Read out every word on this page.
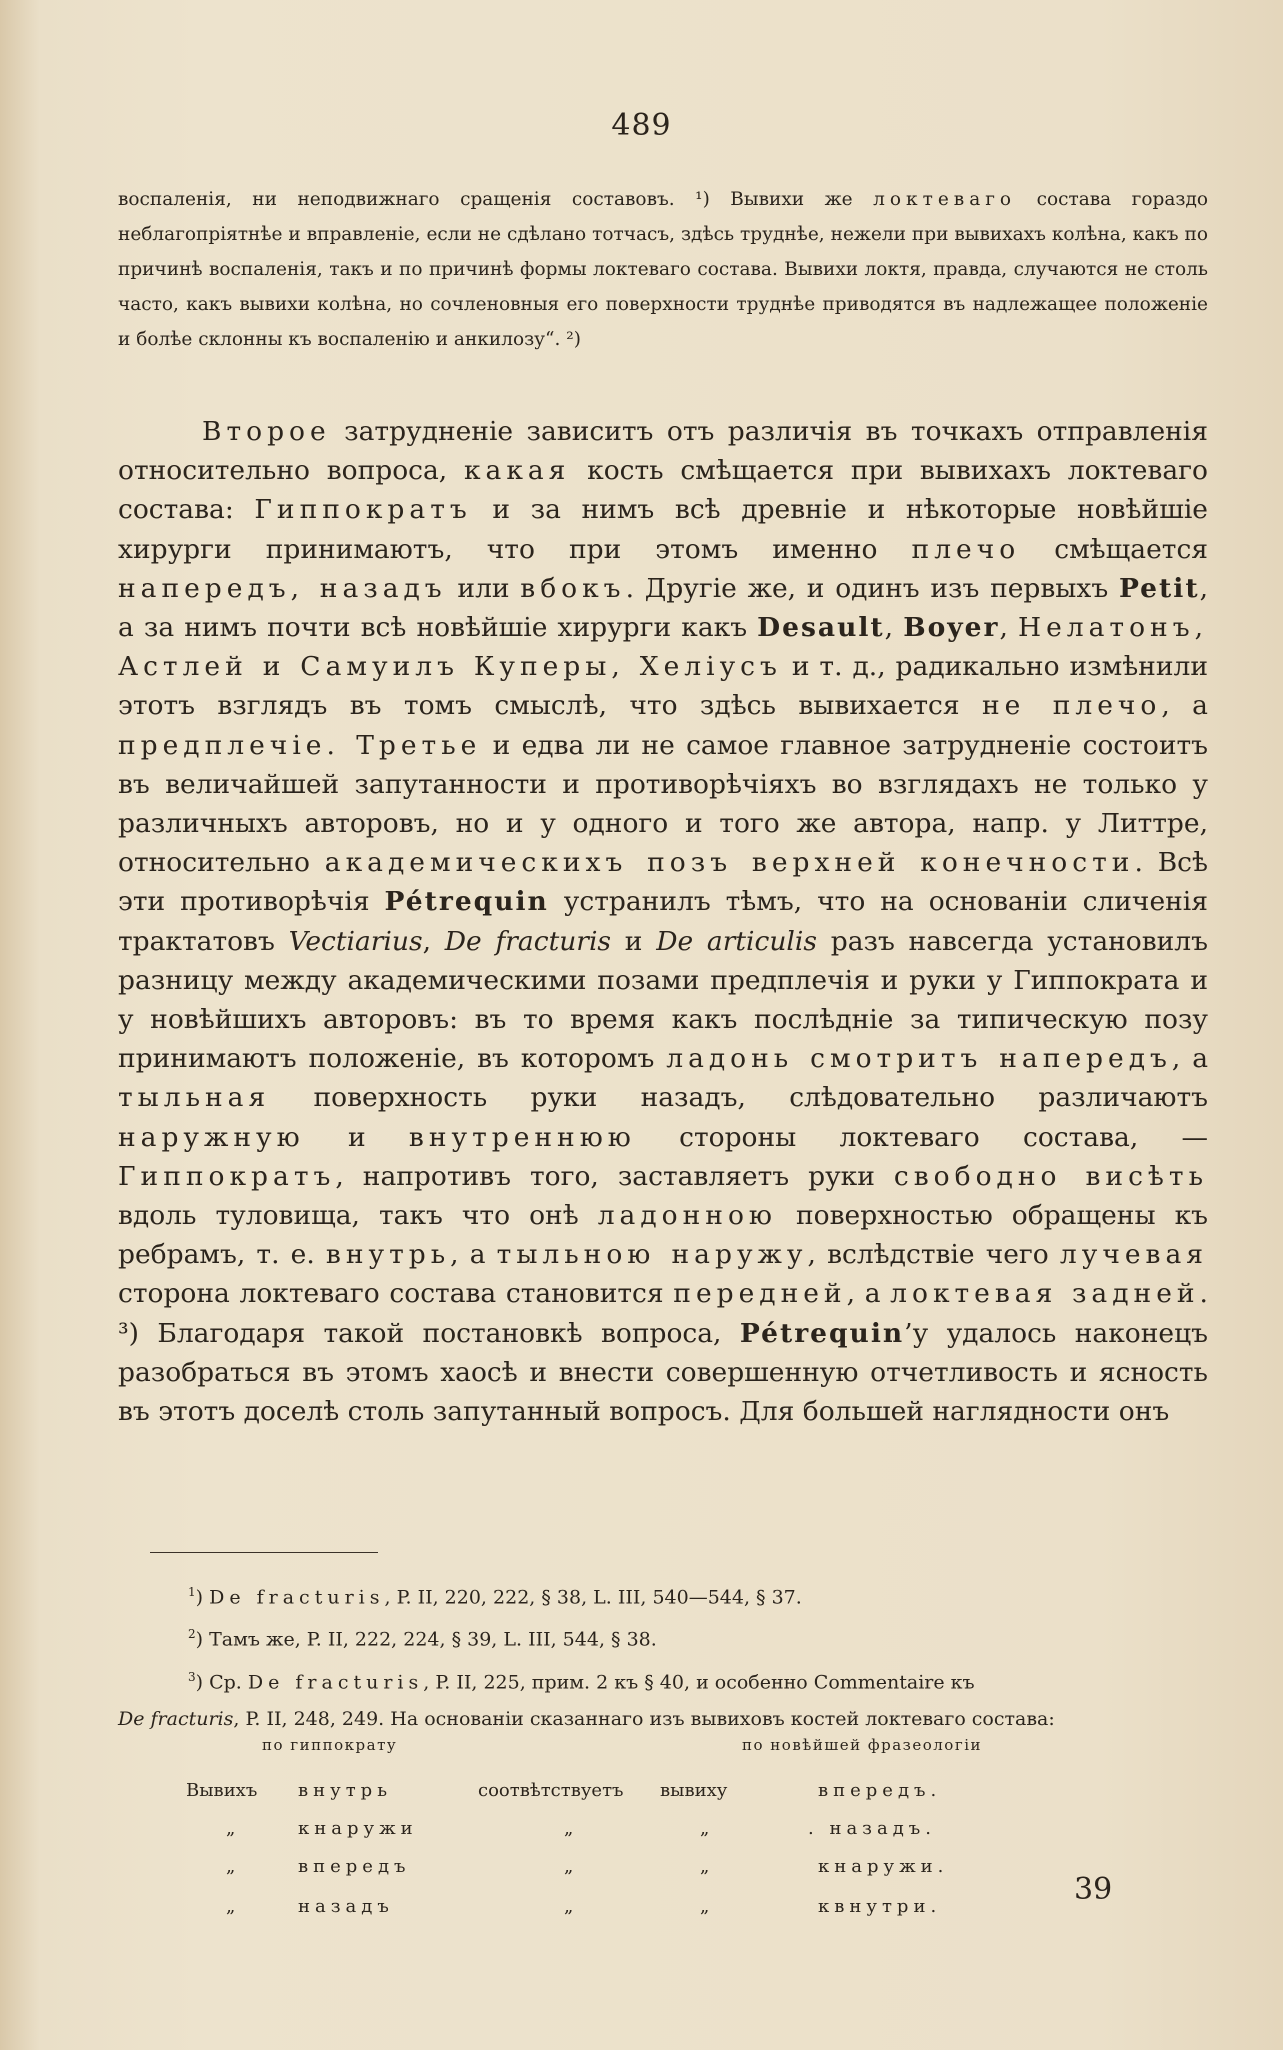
489

воспаленія, ни неподвижнаго сращенія составовъ. ¹) Вывихи же локтеваго состава гораздо неблагопріятнѣе и вправленіе, если не сдѣлано тотчасъ, здѣсь труднѣе, нежели при вывихахъ колѣна, какъ по причинѣ воспаленія, такъ и по причинѣ формы локтеваго состава. Вывихи локтя, правда, случаются не столь часто, какъ вывихи колѣна, но сочленовныя его поверхности труднѣе приводятся въ надлежащее положеніе и болѣе склонны къ воспаленію и анкилозу“. ²)

Второе затрудненіе зависитъ отъ различія въ точкахъ отправленія относительно вопроса, какая кость смѣщается при вывихахъ локтеваго состава: Гиппократъ и за нимъ всѣ древніе и нѣкоторые новѣйшіе хирурги принимаютъ, что при этомъ именно плечо смѣщается напередъ, назадъ или вбокъ. Другіе же, и одинъ изъ первыхъ Petit, а за нимъ почти всѣ новѣйшіе хирурги какъ Desault, Boyer, Нелатонъ, Астлей и Самуилъ Куперы, Хеліусъ и т. д., радикально измѣнили этотъ взглядъ въ томъ смыслѣ, что здѣсь вывихается не плечо, а предплечіе. Третье и едва ли не самое главное затрудненіе состоитъ въ величайшей запутанности и противорѣчіяхъ во взглядахъ не только у различныхъ авторовъ, но и у одного и того же автора, напр. у Литтре, относительно академическихъ позъ верхней конечности. Всѣ эти противорѣчія Pétrequin устранилъ тѣмъ, что на основаніи сличенія трактатовъ Vectiarius, De fracturis и De articulis разъ навсегда установилъ разницу между академическими позами предплечія и руки у Гиппократа и у новѣйшихъ авторовъ: въ то время какъ послѣдніе за типическую позу принимаютъ положеніе, въ которомъ ладонь смотритъ напередъ, а тыльная поверхность руки назадъ, слѣдовательно различаютъ наружную и внутреннюю стороны локтеваго состава, — Гиппократъ, напротивъ того, заставляетъ руки свободно висѣть вдоль туловища, такъ что онѣ ладонною поверхностью обращены къ ребрамъ, т. е. внутрь, а тыльною наружу, вслѣдствіе чего лучевая сторона локтеваго состава становится передней, а локтевая задней. ³) Благодаря такой постановкѣ вопроса, Pétrequin’у удалось наконецъ разобраться въ этомъ хаосѣ и внести совершенную отчетливость и ясность въ этотъ доселѣ столь запутанный вопросъ. Для большей наглядности онъ

$^1$) De fracturis, P. II, 220, 222, § 38, L. III, 540—544, § 37.

$^2$) Тамъ же, P. II, 222, 224, § 39, L. III, 544, § 38.

$^3$) Ср. De fracturis, P. II, 225, прим. 2 къ § 40, и особенно Commentaire къ

De fracturis, P. II, 248, 249. На основаніи сказаннаго изъ вывиховъ костей локтеваго состава:

по гиппократу	по новѣйшей фразеологіи
Вывихъ внутрь	соотвѣтствуетъ вывиху	впередъ.
„	кнаружи	„	„	. назадъ.
„	впередъ	„	„	кнаружи.
„	назадъ	„	„	квнутри.	39
